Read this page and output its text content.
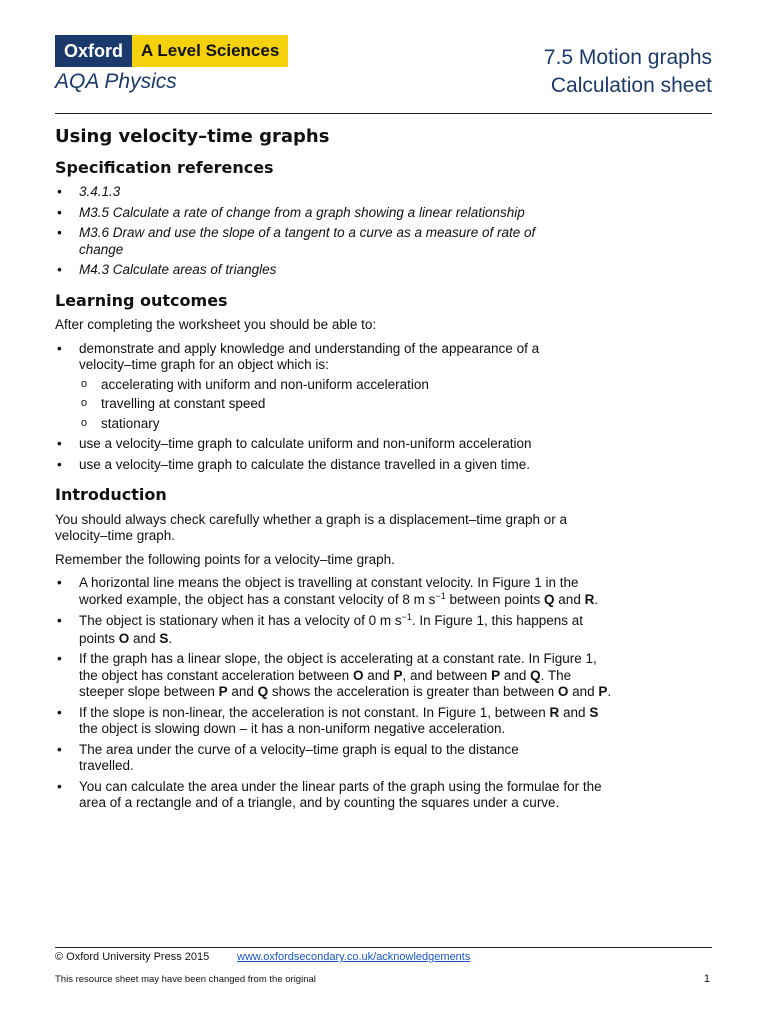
Oxford	A Level Sciences
AQA Physics
7.5 Motion graphs
Calculation sheet
Using velocity–time graphs
Specification references
• 3.4.1.3
• M3.5 Calculate a rate of change from a graph showing a linear relationship
• M3.6 Draw and use the slope of a tangent to a curve as a measure of rate of change
• M4.3 Calculate areas of triangles
Learning outcomes

After completing the worksheet you should be able to:

• demonstrate and apply knowledge and understanding of the appearance of a velocity–time graph for an object which is:
o accelerating with uniform and non-uniform acceleration
o travelling at constant speed
o stationary
• use a velocity–time graph to calculate uniform and non-uniform acceleration
• use a velocity–time graph to calculate the distance travelled in a given time.
Introduction

You should always check carefully whether a graph is a displacement–time graph or a velocity–time graph.

Remember the following points for a velocity–time graph.

• A horizontal line means the object is travelling at constant velocity. In Figure 1 in the worked example, the object has a constant velocity of 8 m $s^{-1}$ between points Q and R.
• The object is stationary when it has a velocity of 0 m $s^{-1}$. In Figure 1, this happens at points O and S.
• If the graph has a linear slope, the object is accelerating at a constant rate. In Figure 1, the object has constant acceleration between O and P, and between P and Q. The steeper slope between P and Q shows the acceleration is greater than between O and P.
• If the slope is non-linear, the acceleration is not constant. In Figure 1, between R and S the object is slowing down – it has a non-uniform negative acceleration.
• The area under the curve of a velocity–time graph is equal to the distance travelled.
• You can calculate the area under the linear parts of the graph using the formulae for the area of a rectangle and of a triangle, and by counting the squares under a curve.
© Oxford University Press 2015	www.oxfordsecondary.co.uk/acknowledgements
This resource sheet may have been changed from the original	1
